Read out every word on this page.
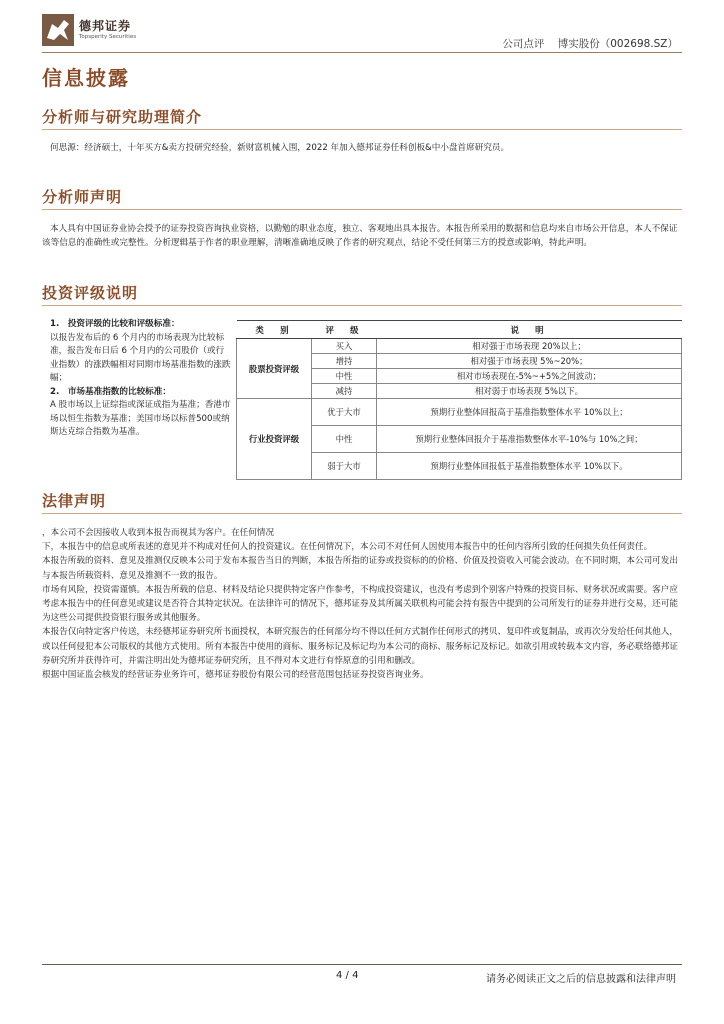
德邦证券
Topsperity Securities
公司点评 博实股份（002698.SZ）
信息披露
分析师与研究助理简介

何思源：经济硕士，十年买方&卖方投研究经验，新财富机械入围，2022 年加入德邦证券任科创板&中小盘首席研究员。

分析师声明

本人具有中国证券业协会授予的证券投资咨询执业资格，以勤勉的职业态度，独立、客观地出具本报告。本报告所采用的数据和信息均来自市场公开信息，本人不保证该等信息的准确性或完整性。分析逻辑基于作者的职业理解，清晰准确地反映了作者的研究观点，结论不受任何第三方的授意或影响，特此声明。

投资评级说明
1.　投资评级的比较和评级标准：
以报告发布后的 6 个月内的市场表现为比较标准，报告发布日后 6 个月内的公司股价（或行业指数）的涨跌幅相对同期市场基准指数的涨跌幅；
2.　市场基准指数的比较标准：
A 股市场以上证综指或深证成指为基准；香港市场以恒生指数为基准；美国市场以标普500或纳斯达克综合指数为基准。
类　别	评　级	说　明
股票投资评级	买入	相对强于市场表现 20%以上；
	增持	相对强于市场表现 5%~20%；
	中性	相对市场表现在-5%~+5%之间波动；
	减持	相对弱于市场表现 5%以下。
行业投资评级	优于大市	预期行业整体回报高于基准指数整体水平 10%以上；
	中性	预期行业整体回报介于基准指数整体水平-10%与 10%之间；
	弱于大市	预期行业整体回报低于基准指数整体水平 10%以下。
法律声明

，本公司不会因接收人收到本报告而视其为客户。在任何情况

下，本报告中的信息或所表述的意见并不构成对任何人的投资建议。在任何情况下，本公司不对任何人因使用本报告中的任何内容所引致的任何损失负任何责任。

本报告所载的资料、意见及推测仅反映本公司于发布本报告当日的判断，本报告所指的证券或投资标的的价格、价值及投资收入可能会波动。在不同时期，本公司可发出与本报告所载资料、意见及推测不一致的报告。

市场有风险，投资需谨慎。本报告所载的信息、材料及结论只提供特定客户作参考，不构成投资建议，也没有考虑到个别客户特殊的投资目标、财务状况或需要。客户应考虑本报告中的任何意见或建议是否符合其特定状况。在法律许可的情况下，德邦证券及其所属关联机构可能会持有报告中提到的公司所发行的证券并进行交易，还可能为这些公司提供投资银行服务或其他服务。

本报告仅向特定客户传送，未经德邦证券研究所书面授权，本研究报告的任何部分均不得以任何方式制作任何形式的拷贝、复印件或复制品，或再次分发给任何其他人，或以任何侵犯本公司版权的其他方式使用。所有本报告中使用的商标、服务标记及标记均为本公司的商标、服务标记及标记。如欲引用或转载本文内容，务必联络德邦证券研究所并获得许可，并需注明出处为德邦证券研究所，且不得对本文进行有悖原意的引用和删改。

根据中国证监会核发的经营证券业务许可，德邦证券股份有限公司的经营范围包括证券投资咨询业务。

4 / 4	请务必阅读正文之后的信息披露和法律声明
